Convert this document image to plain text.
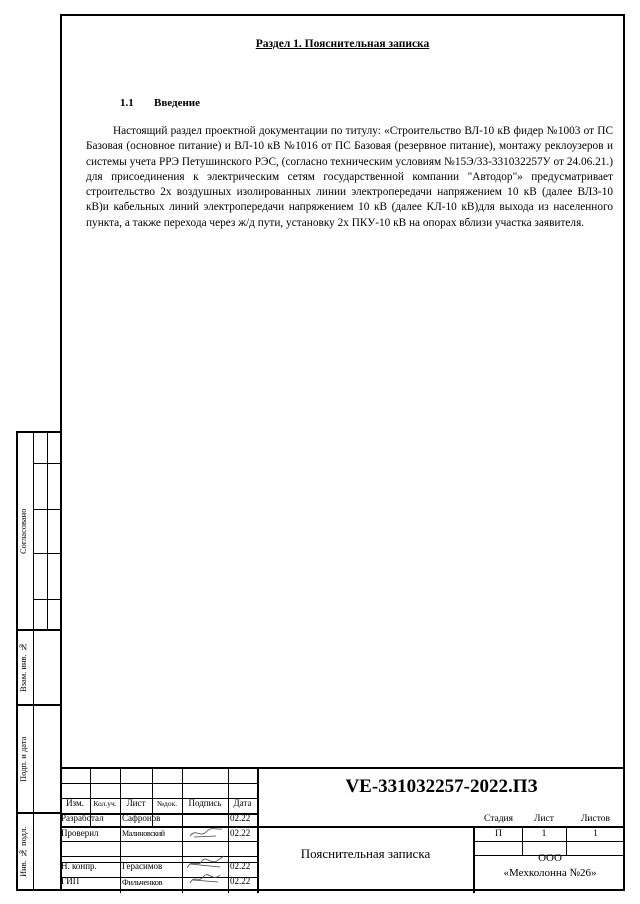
Раздел 1. Пояснительная записка
1.1 Введение
Настоящий раздел проектной документации по титулу: «Строительство ВЛ-10 кВ фидер №1003 от ПС Базовая (основное питание) и ВЛ-10 кВ №1016 от ПС Базовая (резервное питание), монтажу реклоузеров и системы учета РРЭ Петушинского РЭС, (согласно техническим условиям №15Э/33-331032257У от 24.06.21.) для присоединения к электрическим сетям государственной компании "Автодор"» предусматривает строительство 2х воздушных изолированных линии электропередачи напряжением 10 кВ (далее ВЛЗ-10 кВ)и кабельных линий электропередачи напряжением 10 кВ (далее КЛ-10 кВ)для выхода из населенного пункта, а также перехода через ж/д пути, установку 2х ПКУ-10 кВ на опорах вблизи участка заявителя.
Согласовано
Взам. инв. №
Подп. и дата
Инв. № подл.
Изм.	Кол.уч.	Лист	№док.	Подпись	Дата
VE-331032257-2022.ПЗ
Пояснительная записка
Стадия	Лист	Листов
П	1	1
ООО
«Мехколонна №26»
Разработал Сафронов	02.22
Проверил	Малиновский	02.22
Н. конпр.	Герасимов	02.22
ГИП	Фильченков	02.22
